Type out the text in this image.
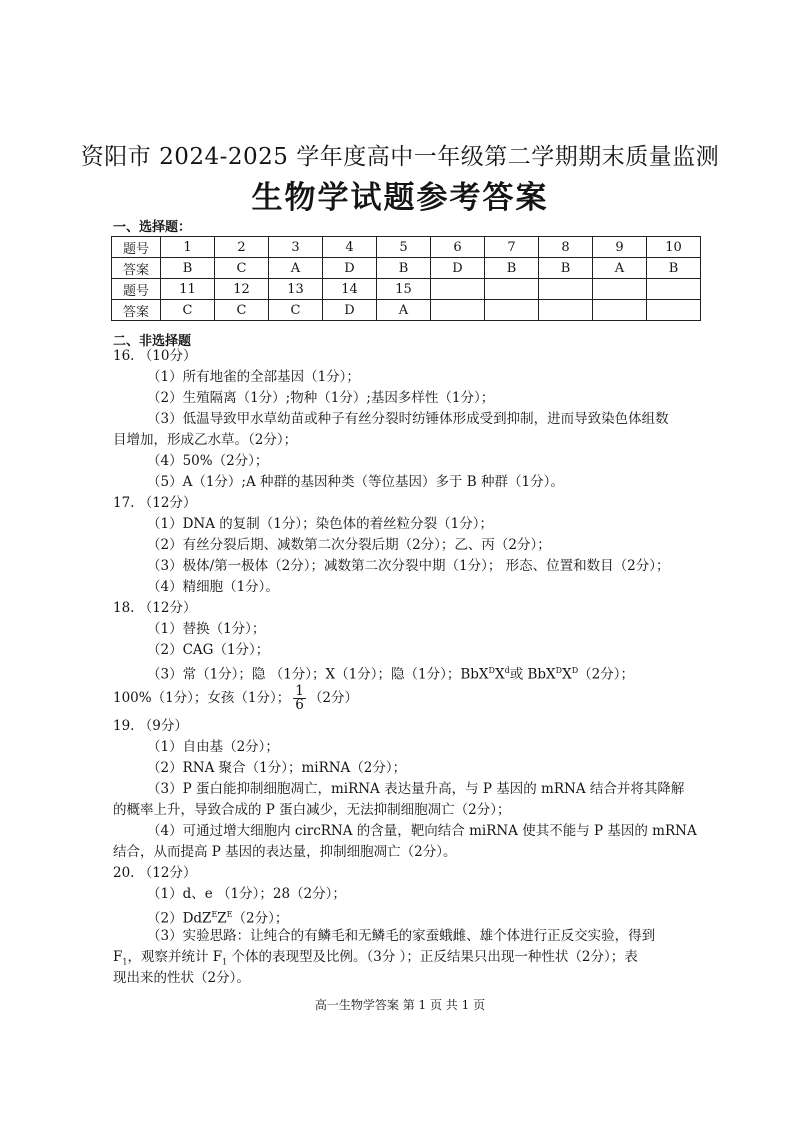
资阳市 2024-2025 学年度高中一年级第二学期期末质量监测
生物学试题参考答案
一、选择题：
题号	1	2	3	4	5	6	7	8	9	10
答案	B	C	A	D	B	D	B	B	A	B
题号	11	12	13	14	15					
答案	C	C	C	D	A					
二、非选择题
16. （10分）
（1）所有地雀的全部基因（1分）；
（2）生殖隔离（1分）;物种（1分）;基因多样性（1分）；
（3）低温导致甲水草幼苗或种子有丝分裂时纺锤体形成受到抑制，进而导致染色体组数
目增加，形成乙水草。（2分）；
（4）50%（2分）；
（5）A（1分）;A 种群的基因种类（等位基因）多于 B 种群（1分）。
17. （12分）
（1）DNA 的复制（1分）；染色体的着丝粒分裂（1分）；
（2）有丝分裂后期、减数第二次分裂后期（2分）；乙、丙（2分）；
（3）极体/第一极体（2分）；减数第二次分裂中期（1分）； 形态、位置和数目（2分）；
（4）精细胞（1分）。
18. （12分）
（1）替换（1分）；
（2）CAG（1分）；
（3）常（1分）；隐 （1分）；X（1分）；隐（1分）；$BbX^DX^d$或 $BbX^DX^D(2$分）；
100%（1分）；女孩（1分）； $\frac{1}{6} (2$分）
19. （9分）
（1）自由基（2分）；
（2）RNA 聚合（1分）；miRNA（2分）；
（3）P 蛋白能抑制细胞凋亡，miRNA 表达量升高，与 P 基因的 mRNA 结合并将其降解
的概率上升，导致合成的 P 蛋白减少，无法抑制细胞凋亡（2分）；
（4）可通过增大细胞内 circRNA 的含量，靶向结合 miRNA 使其不能与 P 基因的 mRNA
结合，从而提高 P 基因的表达量，抑制细胞凋亡（2分）。
20. （12分）
（1）d、e （1分）；28（2分）；
$(2)DdZ^EZ^E(2$分）；
（3）实验思路：让纯合的有鳞毛和无鳞毛的家蚕蛾雌、雄个体进行正反交实验，得到
$F_1$，观察并统计 $F_1$ 个体的表现型及比例。（3分 ）；正反结果只出现一种性状（2分）；表
现出来的性状（2分）。
高一生物学答案 第 1 页 共 1 页
